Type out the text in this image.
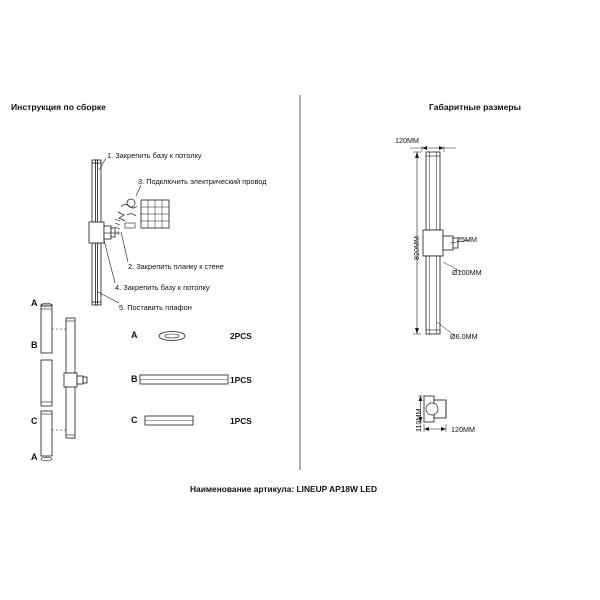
Инструкция по сборке	Габаритные размеры
1. Закрепить базу к потолку
3. Подключить электрический провод
2. Закрепить планку к стене
4. Закрепить базу к потолку
5. Поставить плафон
A
B
C
A
A	2PCS
B	1PCS
C	1PCS
120MM
820MM	25MM
Ø100MM
Ø6.0MM
110MM	120MM
Наименование артикула: LINEUP AP18W LED
